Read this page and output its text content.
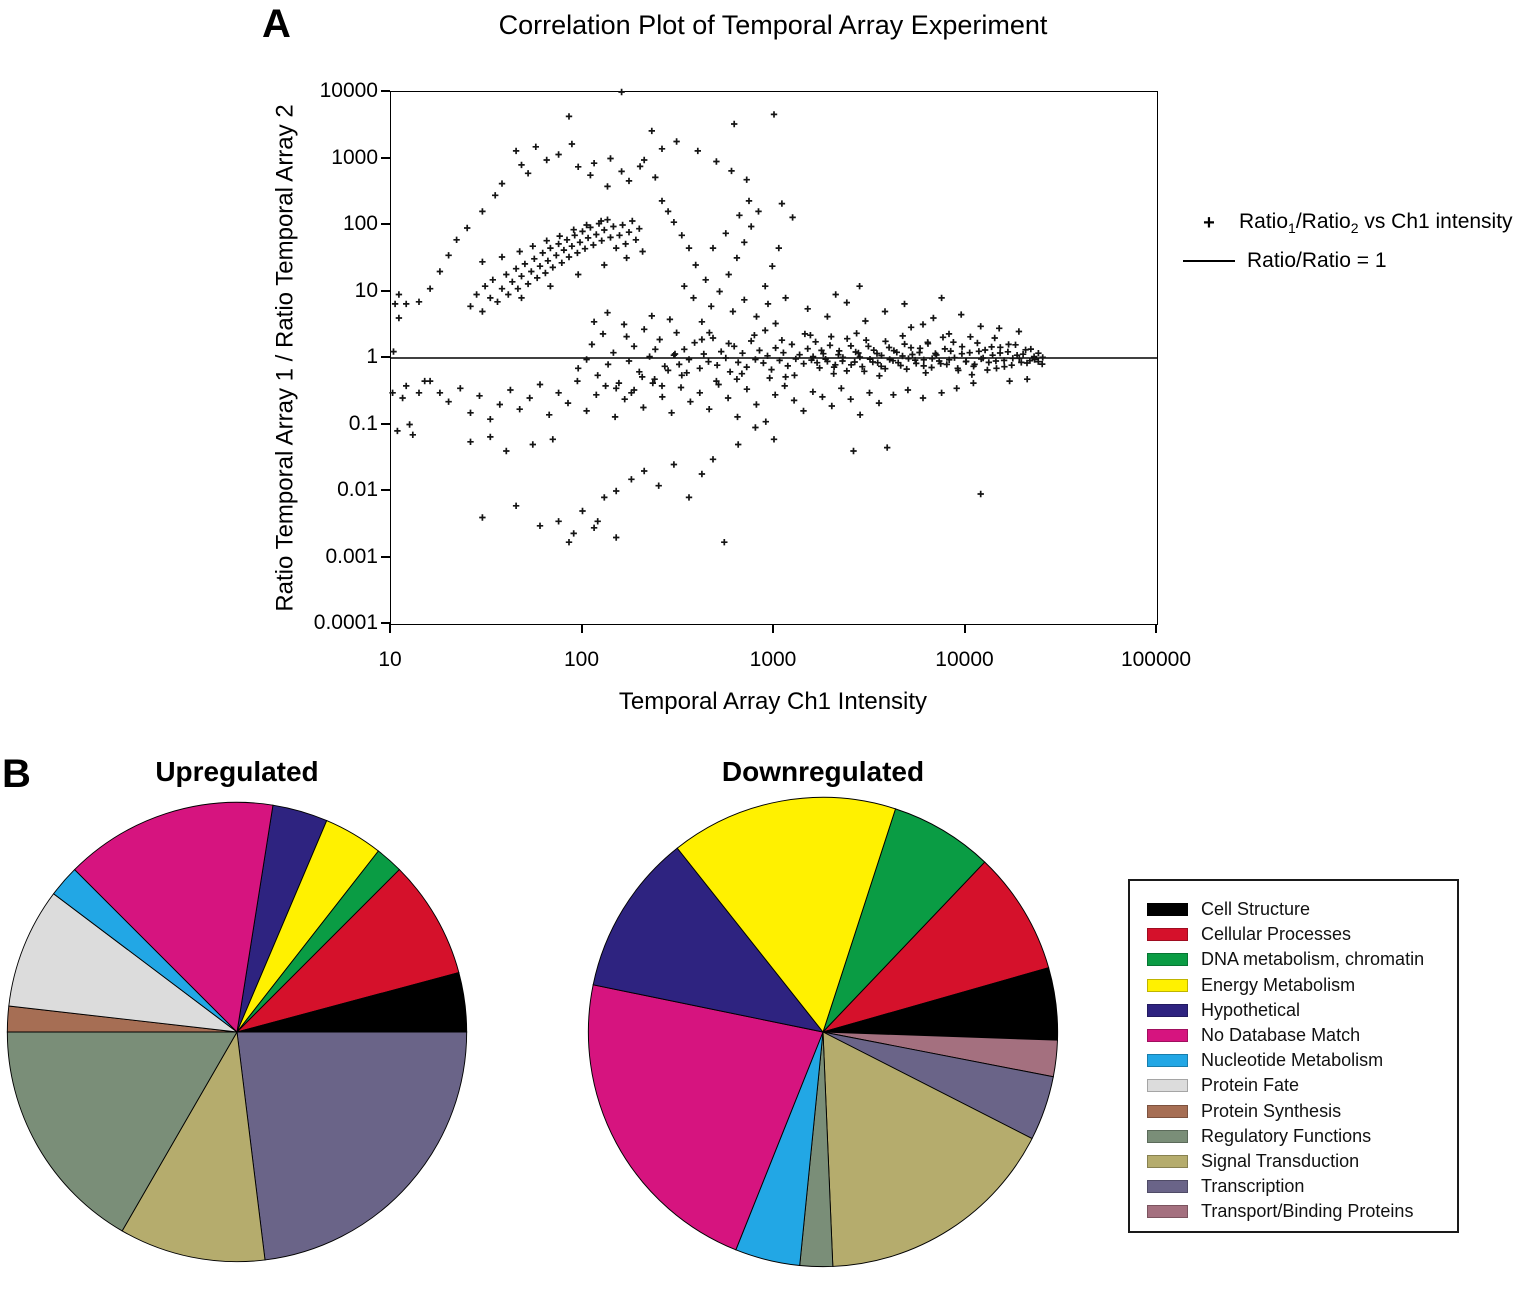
A	Correlation Plot of Temporal Array Experiment
Ratio Temporal Array 1 / Ratio Temporal Array 2	+	Ratio$_1$/Ratio$_2$ vs Ch1 intensity
Ratio/Ratio = 1
10000
1000
100
10
1
0.1
0.01
0.001
0.0001
10	100	1000	10000	100000
Temporal Array Ch1 Intensity
B	Upregulated	Downregulated
Cell Structure
Cellular Processes
DNA metabolism, chromatin
Energy Metabolism
Hypothetical
No Database Match
Nucleotide Metabolism
Protein Fate
Protein Synthesis
Regulatory Functions
Signal Transduction
Transcription
Transport/Binding Proteins
